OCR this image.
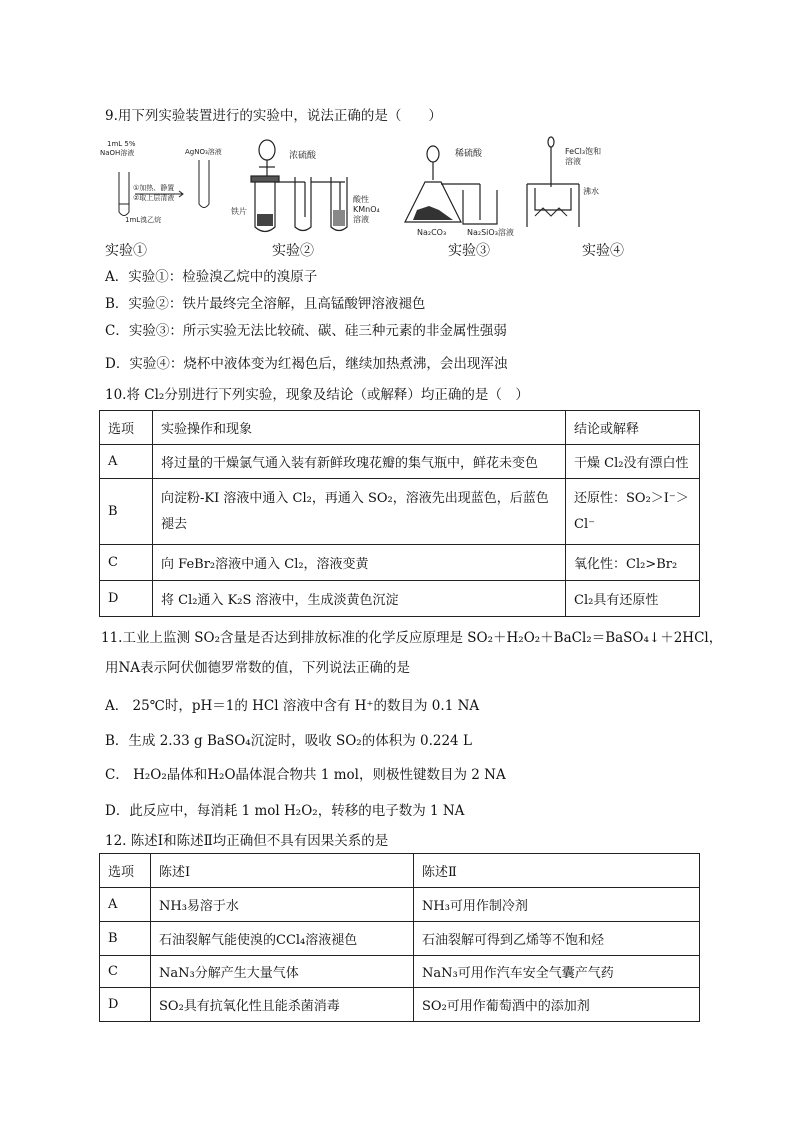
9.用下列实验装置进行的实验中，说法正确的是（　　）
1mL 5%
NaOH溶液	AgNO₃溶液
①加热、静置
②取上层清液
1mL溴乙烷
浓硫酸
铁片
酸性
KMnO₄
溶液
稀硫酸
Na₂CO₃	Na₂SiO₃溶液
FeCl₃饱和
溶液
沸水
实验①	实验②	实验③	实验④
A．实验①：检验溴乙烷中的溴原子
B．实验②：铁片最终完全溶解，且高锰酸钾溶液褪色
C．实验③：所示实验无法比较硫、碳、硅三种元素的非金属性强弱
D．实验④：烧杯中液体变为红褐色后，继续加热煮沸，会出现浑浊
10.将 Cl₂分别进行下列实验，现象及结论（或解释）均正确的是（　）
选项	实验操作和现象	结论或解释
A	将过量的干燥氯气通入装有新鲜玫瑰花瓣的集气瓶中，鲜花未变色	干燥 Cl₂没有漂白性
B	向淀粉-KI 溶液中通入 Cl₂，再通入 SO₂，溶液先出现蓝色，后蓝色褪去	还原性：SO₂＞I⁻＞Cl⁻
C	向 FeBr₂溶液中通入 Cl₂，溶液变黄	氧化性：Cl₂>Br₂
D	将 Cl₂通入 K₂S 溶液中，生成淡黄色沉淀	Cl₂具有还原性
11.工业上监测 SO₂含量是否达到排放标准的化学反应原理是 SO₂＋H₂O₂＋BaCl₂＝BaSO₄↓＋2HCl，
用NA表示阿伏伽德罗常数的值，下列说法正确的是
A． 25℃时，pH＝1的 HCl 溶液中含有 H⁺的数目为 0.1 NA
B．生成 2.33 g BaSO₄沉淀时，吸收 SO₂的体积为 0.224 L
C． H₂O₂晶体和H₂O晶体混合物共 1 mol，则极性键数目为 2 NA
D．此反应中，每消耗 1 mol H₂O₂，转移的电子数为 1 NA
12. 陈述Ⅰ和陈述Ⅱ均正确但不具有因果关系的是
选项	陈述Ⅰ	陈述Ⅱ
A	NH₃易溶于水	NH₃可用作制冷剂
B	石油裂解气能使溴的CCl₄溶液褪色	石油裂解可得到乙烯等不饱和烃
C	NaN₃分解产生大量气体	NaN₃可用作汽车安全气囊产气药
D	SO₂具有抗氧化性且能杀菌消毒	SO₂可用作葡萄酒中的添加剂
